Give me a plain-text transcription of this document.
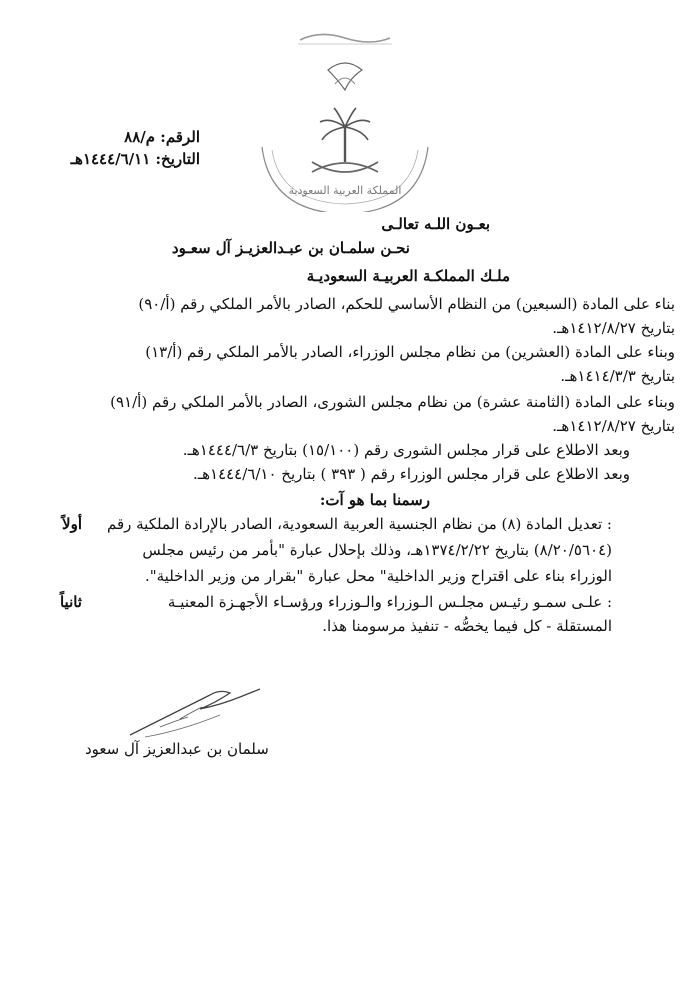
المملكة العربية السعودية
الرقم: م/٨٨
التاريخ: ١٤٤٤/٦/١١هـ
بعـون اللـه تعالـى
نحـن سلمـان بن عبـدالعزيـز آل سعـود
ملـك المملكـة العربيـة السعوديـة
بناء على المادة (السبعين) من النظام الأساسي للحكم، الصادر بالأمر الملكي رقم (أ/٩٠)
بتاريخ ١٤١٢/٨/٢٧هـ.
وبناء على المادة (العشرين) من نظام مجلس الوزراء، الصادر بالأمر الملكي رقم (أ/١٣)
بتاريخ ١٤١٤/٣/٣هـ.
وبناء على المادة (الثامنة عشرة) من نظام مجلس الشورى، الصادر بالأمر الملكي رقم (أ/٩١)
بتاريخ ١٤١٢/٨/٢٧هـ.
وبعد الاطلاع على قرار مجلس الشورى رقم (١٥/١٠٠) بتاريخ ١٤٤٤/٦/٣هـ.
وبعد الاطلاع على قرار مجلس الوزراء رقم ( ٣٩٣ ) بتاريخ ١٤٤٤/٦/١٠هـ.
رسمنا بما هو آت:
أولاً : تعديل المادة (٨) من نظام الجنسية العربية السعودية، الصادر بالإرادة الملكية رقم
(٨/٢٠/٥٦٠٤) بتاريخ ١٣٧٤/٢/٢٢هـ، وذلك بإحلال عبارة "بأمر من رئيس مجلس
الوزراء بناء على اقتراح وزير الداخلية" محل عبارة "بقرار من وزير الداخلية".
ثانياً	: علـى سمـو رئيـس مجلـس الـوزراء والـوزراء ورؤسـاء الأجهـزة المعنيـة
المستقلة - كل فيما يخصُّه - تنفيذ مرسومنا هذا.
سلمان بن عبدالعزيز آل سعود
